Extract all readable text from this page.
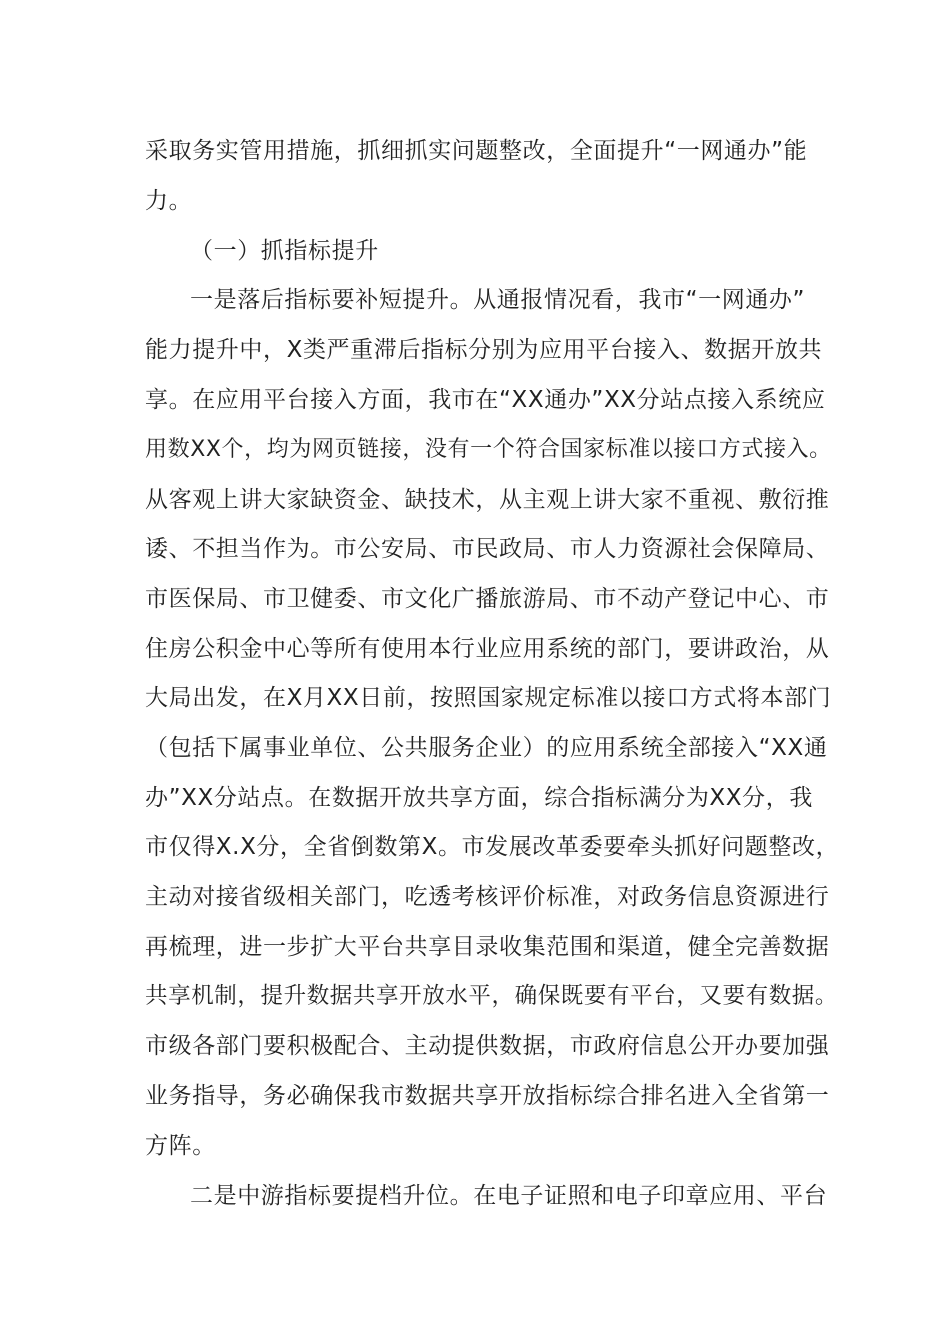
采取务实管用措施，抓细抓实问题整改，全面提升“一网通办”能
力。
（一）抓指标提升
一是落后指标要补短提升。从通报情况看，我市“一网通办”
能力提升中，X类严重滞后指标分别为应用平台接入、数据开放共
享。在应用平台接入方面，我市在“XX通办”XX分站点接入系统应
用数XX个，均为网页链接，没有一个符合国家标准以接口方式接入。
从客观上讲大家缺资金、缺技术，从主观上讲大家不重视、敷衍推
诿、不担当作为。市公安局、市民政局、市人力资源社会保障局、
市医保局、市卫健委、市文化广播旅游局、市不动产登记中心、市
住房公积金中心等所有使用本行业应用系统的部门，要讲政治，从
大局出发，在X月XX日前，按照国家规定标准以接口方式将本部门
（包括下属事业单位、公共服务企业）的应用系统全部接入“XX通
办”XX分站点。在数据开放共享方面，综合指标满分为XX分，我
市仅得X.X分，全省倒数第X。市发展改革委要牵头抓好问题整改，
主动对接省级相关部门，吃透考核评价标准，对政务信息资源进行
再梳理，进一步扩大平台共享目录收集范围和渠道，健全完善数据
共享机制，提升数据共享开放水平，确保既要有平台，又要有数据。
市级各部门要积极配合、主动提供数据，市政府信息公开办要加强
业务指导，务必确保我市数据共享开放指标综合排名进入全省第一
方阵。
二是中游指标要提档升位。在电子证照和电子印章应用、平台
